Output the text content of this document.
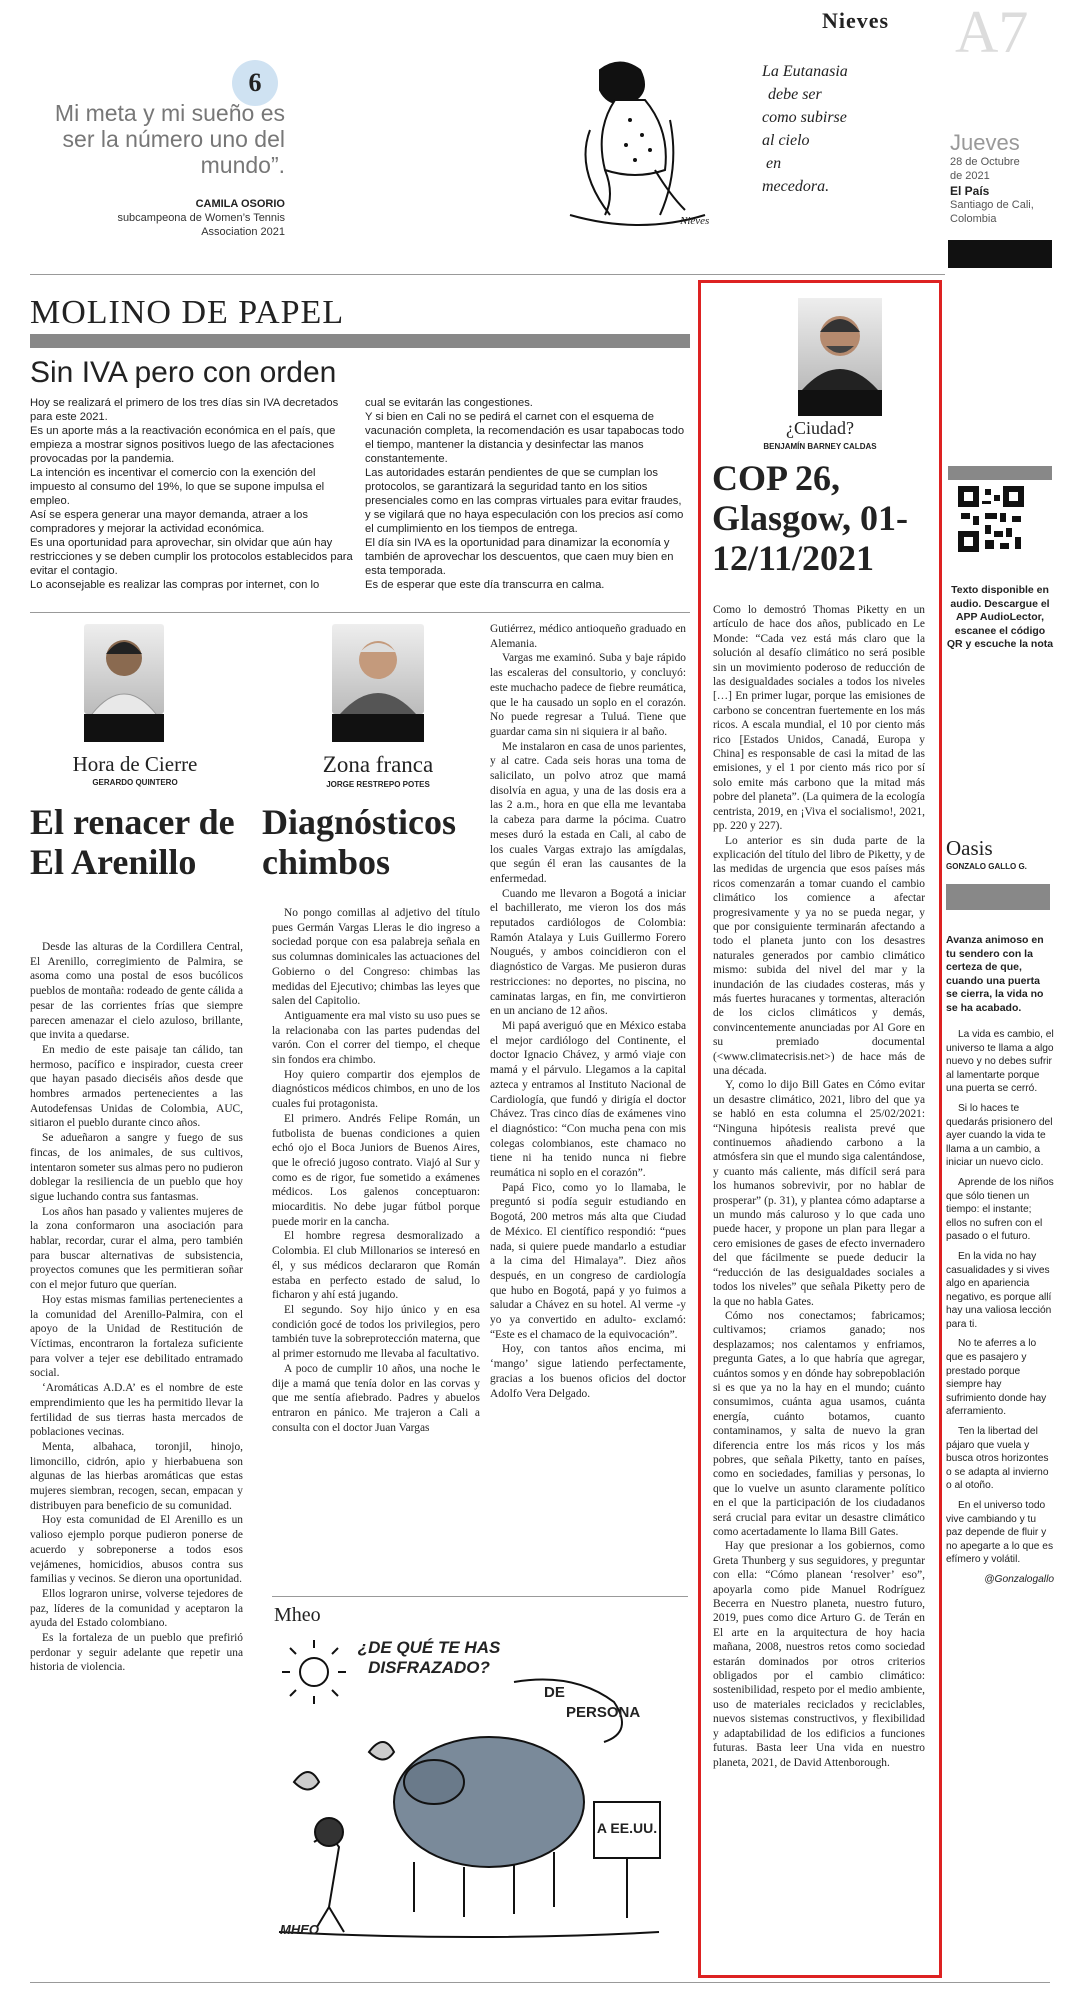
Nieves A7
6
Mi meta y mi sueño es ser la número uno del mundo”.
CAMILA OSORIO
subcampeona de Women’s Tennis
Association 2021
La Eutanasia
debe ser
como subirse
al cielo
en
mecedora.
Nieves
Jueves
28 de Octubre
de 2021
El País
Santiago de Cali,
Colombia
MOLINO DE PAPEL
Sin IVA pero con orden
Hoy se realizará el primero de los tres días sin IVA decretados para este 2021.
Es un aporte más a la reactivación económica en el país, que empieza a mostrar signos positivos luego de las afectaciones provocadas por la pandemia.
La intención es incentivar el comercio con la exención del impuesto al consumo del 19%, lo que se supone impulsa el empleo.
Así se espera generar una mayor demanda, atraer a los compradores y mejorar la actividad económica.
Es una oportunidad para aprovechar, sin olvidar que aún hay restricciones y se deben cumplir los protocolos establecidos para evitar el contagio.
Lo aconsejable es realizar las compras por internet, con lo
cual se evitarán las congestiones.
Y si bien en Cali no se pedirá el carnet con el esquema de vacunación completa, la recomendación es usar tapabocas todo el tiempo, mantener la distancia y desinfectar las manos constantemente.
Las autoridades estarán pendientes de que se cumplan los protocolos, se garantizará la seguridad tanto en los sitios presenciales como en las compras virtuales para evitar fraudes, y se vigilará que no haya especulación con los precios así como el cumplimiento en los tiempos de entrega.
El día sin IVA es la oportunidad para dinamizar la economía y también de aprovechar los descuentos, que caen muy bien en esta temporada.
Es de esperar que este día transcurra en calma.
Hora de Cierre
GERARDO QUINTERO
El renacer de El Arenillo

Desde las alturas de la Cordillera Central, El Arenillo, corregimiento de Palmira, se asoma como una postal de esos bucólicos pueblos de montaña: rodeado de gente cálida a pesar de las corrientes frías que siempre parecen amenazar el cielo azuloso, brillante, que invita a quedarse.

En medio de este paisaje tan cálido, tan hermoso, pacífico e inspirador, cuesta creer que hayan pasado dieciséis años desde que hombres armados pertenecientes a las Autodefensas Unidas de Colombia, AUC, sitiaron el pueblo durante cinco años.

Se adueñaron a sangre y fuego de sus fincas, de los animales, de sus cultivos, intentaron someter sus almas pero no pudieron doblegar la resiliencia de un pueblo que hoy sigue luchando contra sus fantasmas.

Los años han pasado y valientes mujeres de la zona conformaron una asociación para hablar, recordar, curar el alma, pero también para buscar alternativas de subsistencia, proyectos comunes que les permitieran soñar con el mejor futuro que querían.

Hoy estas mismas familias pertenecientes a la comunidad del Arenillo-Palmira, con el apoyo de la Unidad de Restitución de Víctimas, encontraron la fortaleza suficiente para volver a tejer ese debilitado entramado social.

‘Aromáticas A.D.A’ es el nombre de este emprendimiento que les ha permitido llevar la fertilidad de sus tierras hasta mercados de poblaciones vecinas.

Menta, albahaca, toronjil, hinojo, limoncillo, cidrón, apio y hierbabuena son algunas de las hierbas aromáticas que estas mujeres siembran, recogen, secan, empacan y distribuyen para beneficio de su comunidad.

Hoy esta comunidad de El Arenillo es un valioso ejemplo porque pudieron ponerse de acuerdo y sobreponerse a todos esos vejámenes, homicidios, abusos contra sus familias y vecinos. Se dieron una oportunidad.

Ellos lograron unirse, volverse tejedores de paz, líderes de la comunidad y aceptaron la ayuda del Estado colombiano.

Es la fortaleza de un pueblo que prefirió perdonar y seguir adelante que repetir una historia de violencia.

Zona franca
JORGE RESTREPO POTES
Diagnósticos chimbos

No pongo comillas al adjetivo del título pues Germán Vargas Lleras le dio ingreso a sociedad porque con esa palabreja señala en sus columnas dominicales las actuaciones del Gobierno o del Congreso: chimbas las medidas del Ejecutivo; chimbas las leyes que salen del Capitolio.

Antiguamente era mal visto su uso pues se la relacionaba con las partes pudendas del varón. Con el correr del tiempo, el cheque sin fondos era chimbo.

Hoy quiero compartir dos ejemplos de diagnósticos médicos chimbos, en uno de los cuales fui protagonista.

El primero. Andrés Felipe Román, un futbolista de buenas condiciones a quien echó ojo el Boca Juniors de Buenos Aires, que le ofreció jugoso contrato. Viajó al Sur y como es de rigor, fue sometido a exámenes médicos. Los galenos conceptuaron: miocarditis. No debe jugar fútbol porque puede morir en la cancha.

El hombre regresa desmoralizado a Colombia. El club Millonarios se interesó en él, y sus médicos declararon que Román estaba en perfecto estado de salud, lo ficharon y ahí está jugando.

El segundo. Soy hijo único y en esa condición gocé de todos los privilegios, pero también tuve la sobreprotección materna, que al primer estornudo me llevaba al facultativo.

A poco de cumplir 10 años, una noche le dije a mamá que tenía dolor en las corvas y que me sentía afiebrado. Padres y abuelos entraron en pánico. Me trajeron a Cali a consulta con el doctor Juan Vargas

Gutiérrez, médico antioqueño graduado en Alemania.

Vargas me examinó. Suba y baje rápido las escaleras del consultorio, y concluyó: este muchacho padece de fiebre reumática, que le ha causado un soplo en el corazón. No puede regresar a Tuluá. Tiene que guardar cama sin ni siquiera ir al baño.

Me instalaron en casa de unos parientes, y al catre. Cada seis horas una toma de salicilato, un polvo atroz que mamá disolvía en agua, y una de las dosis era a las 2 a.m., hora en que ella me levantaba la cabeza para darme la pócima. Cuatro meses duró la estada en Cali, al cabo de los cuales Vargas extrajo las amígdalas, que según él eran las causantes de la enfermedad.

Cuando me llevaron a Bogotá a iniciar el bachillerato, me vieron los dos más reputados cardiólogos de Colombia: Ramón Atalaya y Luis Guillermo Forero Nougués, y ambos coincidieron con el diagnóstico de Vargas. Me pusieron duras restricciones: no deportes, no piscina, no caminatas largas, en fin, me convirtieron en un anciano de 12 años.

Mi papá averiguó que en México estaba el mejor cardiólogo del Continente, el doctor Ignacio Chávez, y armó viaje con mamá y el párvulo. Llegamos a la capital azteca y entramos al Instituto Nacional de Cardiología, que fundó y dirigía el doctor Chávez. Tras cinco días de exámenes vino el diagnóstico: “Con mucha pena con mis colegas colombianos, este chamaco no tiene ni ha tenido nunca ni fiebre reumática ni soplo en el corazón”.

Papá Fico, como yo lo llamaba, le preguntó si podía seguir estudiando en Bogotá, 200 metros más alta que Ciudad de México. El científico respondió: “pues nada, si quiere puede mandarlo a estudiar a la cima del Himalaya”. Diez años después, en un congreso de cardiología que hubo en Bogotá, papá y yo fuimos a saludar a Chávez en su hotel. Al verme -y yo ya convertido en adulto- exclamó: “Este es el chamaco de la equivocación”.

Hoy, con tantos años encima, mi ‘mango’ sigue latiendo perfectamente, gracias a los buenos oficios del doctor Adolfo Vera Delgado.

Mheo
¿DE QUÉ TE HAS DISFRAZADO?
DE
PERSONA
A EE.UU.
MHEO
¿Ciudad?
BENJAMÍN BARNEY CALDAS
COP 26, Glasgow, 01-12/11/2021

Como lo demostró Thomas Piketty en un artículo de hace dos años, publicado en Le Monde: “Cada vez está más claro que la solución al desafío climático no será posible sin un movimiento poderoso de reducción de las desigualdades sociales a todos los niveles […] En primer lugar, porque las emisiones de carbono se concentran fuertemente en los más ricos. A escala mundial, el 10 por ciento más rico [Estados Unidos, Canadá, Europa y China] es responsable de casi la mitad de las emisiones, y el 1 por ciento más rico por sí solo emite más carbono que la mitad más pobre del planeta”. (La quimera de la ecología centrista, 2019, en ¡Viva el socialismo!, 2021, pp. 220 y 227).

Lo anterior es sin duda parte de la explicación del título del libro de Piketty, y de las medidas de urgencia que esos países más ricos comenzarán a tomar cuando el cambio climático los comience a afectar progresivamente y ya no se pueda negar, y que por consiguiente terminarán afectando a todo el planeta junto con los desastres naturales generados por cambio climático mismo: subida del nivel del mar y la inundación de las ciudades costeras, más y más fuertes huracanes y tormentas, alteración de los ciclos climáticos y demás, convincentemente anunciadas por Al Gore en su premiado documental (<www.climatecrisis.net>) de hace más de una década.

Y, como lo dijo Bill Gates en Cómo evitar un desastre climático, 2021, libro del que ya se habló en esta columna el 25/02/2021: “Ninguna hipótesis realista prevé que continuemos añadiendo carbono a la atmósfera sin que el mundo siga calentándose, y cuanto más caliente, más difícil será para los humanos sobrevivir, por no hablar de prosperar” (p. 31), y plantea cómo adaptarse a un mundo más caluroso y lo que cada uno puede hacer, y propone un plan para llegar a cero emisiones de gases de efecto invernadero del que fácilmente se puede deducir la “reducción de las desigualdades sociales a todos los niveles” que señala Piketty pero de la que no habla Gates.

Cómo nos conectamos; fabricamos; cultivamos; criamos ganado; nos desplazamos; nos calentamos y enfriamos, pregunta Gates, a lo que habría que agregar, cuántos somos y en dónde hay sobrepoblación si es que ya no la hay en el mundo; cuánto consumimos, cuánta agua usamos, cuánta energía, cuánto botamos, cuanto contaminamos, y salta de nuevo la gran diferencia entre los más ricos y los más pobres, que señala Piketty, tanto en países, como en sociedades, familias y personas, lo que lo vuelve un asunto claramente político en el que la participación de los ciudadanos será crucial para evitar un desastre climático como acertadamente lo llama Bill Gates.

Hay que presionar a los gobiernos, como Greta Thunberg y sus seguidores, y preguntar con ella: “Cómo planean ‘resolver’ eso”, apoyarla como pide Manuel Rodríguez Becerra en Nuestro planeta, nuestro futuro, 2019, pues como dice Arturo G. de Terán en El arte en la arquitectura de hoy hacia mañana, 2008, nuestros retos como sociedad estarán dominados por otros criterios obligados por el cambio climático: sostenibilidad, respeto por el medio ambiente, uso de materiales reciclados y reciclables, nuevos sistemas constructivos, y flexibilidad y adaptabilidad de los edificios a funciones futuras. Basta leer Una vida en nuestro planeta, 2021, de David Attenborough.

Texto disponible en audio. Descargue el APP AudioLector, escanee el código QR y escuche la nota
Oasis
GONZALO GALLO G.
Avanza animoso en tu sendero con la certeza de que, cuando una puerta se cierra, la vida no se ha acabado.

La vida es cambio, el universo te llama a algo nuevo y no debes sufrir al lamentarte porque una puerta se cerró.

Si lo haces te quedarás prisionero del ayer cuando la vida te llama a un cambio, a iniciar un nuevo ciclo.

Aprende de los niños que sólo tienen un tiempo: el instante; ellos no sufren con el pasado o el futuro.

En la vida no hay casualidades y si vives algo en apariencia negativo, es porque allí hay una valiosa lección para ti.

No te aferres a lo que es pasajero y prestado porque siempre hay sufrimiento donde hay aferramiento.

Ten la libertad del pájaro que vuela y busca otros horizontes o se adapta al invierno o al otoño.

En el universo todo vive cambiando y tu paz depende de fluir y no apegarte a lo que es efímero y volátil.

@Gonzalogallo
